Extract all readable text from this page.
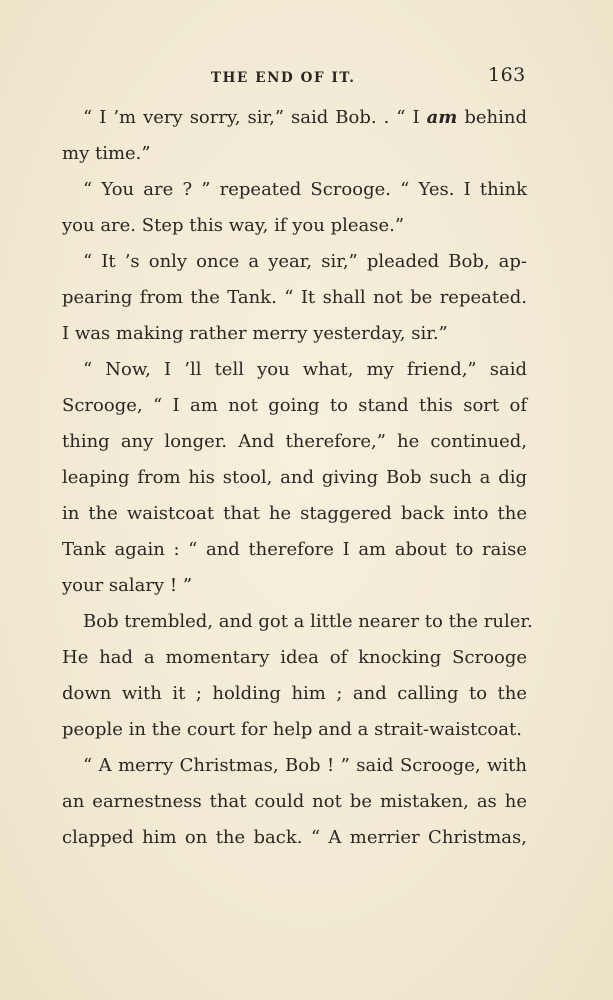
THE END OF IT.	163
“ I ’m very sorry, sir,” said Bob. . “ I am behind
my time.”
“ You are ? ” repeated Scrooge. “ Yes. I think
you are. Step this way, if you please.”
“ It ’s only once a year, sir,” pleaded Bob, ap-
pearing from the Tank. “ It shall not be repeated.
I was making rather merry yesterday, sir.”
“ Now, I ’ll tell you what, my friend,” said
Scrooge, “ I am not going to stand this sort of
thing any longer. And therefore,” he continued,
leaping from his stool, and giving Bob such a dig
in the waistcoat that he staggered back into the
Tank again : “ and therefore I am about to raise
your salary ! ”
Bob trembled, and got a little nearer to the ruler.
He had a momentary idea of knocking Scrooge
down with it ; holding him ; and calling to the
people in the court for help and a strait-waistcoat.
“ A merry Christmas, Bob ! ” said Scrooge, with
an earnestness that could not be mistaken, as he
clapped him on the back. “ A merrier Christmas,
